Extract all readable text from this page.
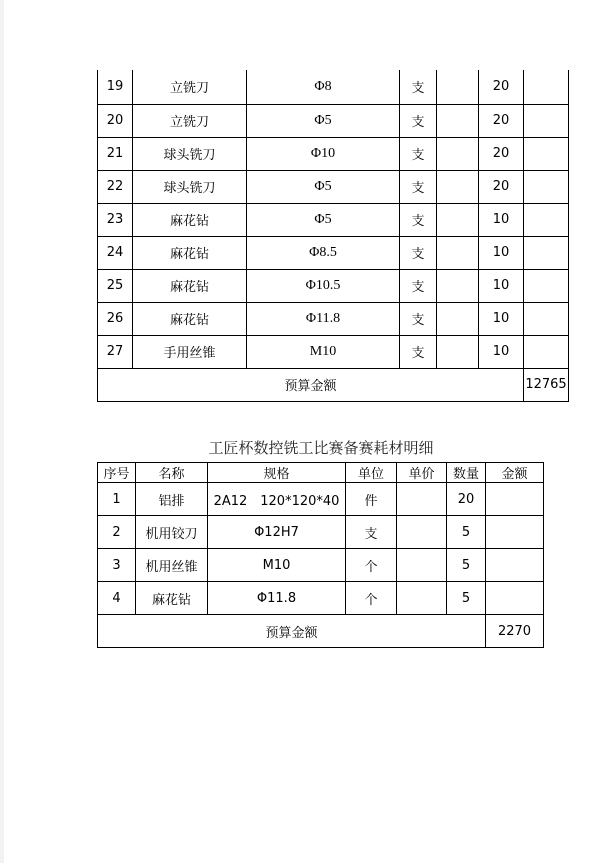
19	立铣刀	Φ8	支		20	
20	立铣刀	Φ5	支		20	
21	球头铣刀	Φ10	支		20	
22	球头铣刀	Φ5	支		20	
23	麻花钻	Φ5	支		10	
24	麻花钻	Φ8.5	支		10	
25	麻花钻	Φ10.5	支		10	
26	麻花钻	Φ11.8	支		10	
27	手用丝锥	M10	支		10	
预算金额						12765
工匠杯数控铣工比赛备赛耗材明细
序号	名称	规格	单位	单价	数量	金额
1	铝排	2A12　120*120*40	件		20	
2	机用铰刀	Φ12H7	支		5	
3	机用丝锥	M10	个		5	
4	麻花钻	Φ11.8	个		5	
预算金额						2270
